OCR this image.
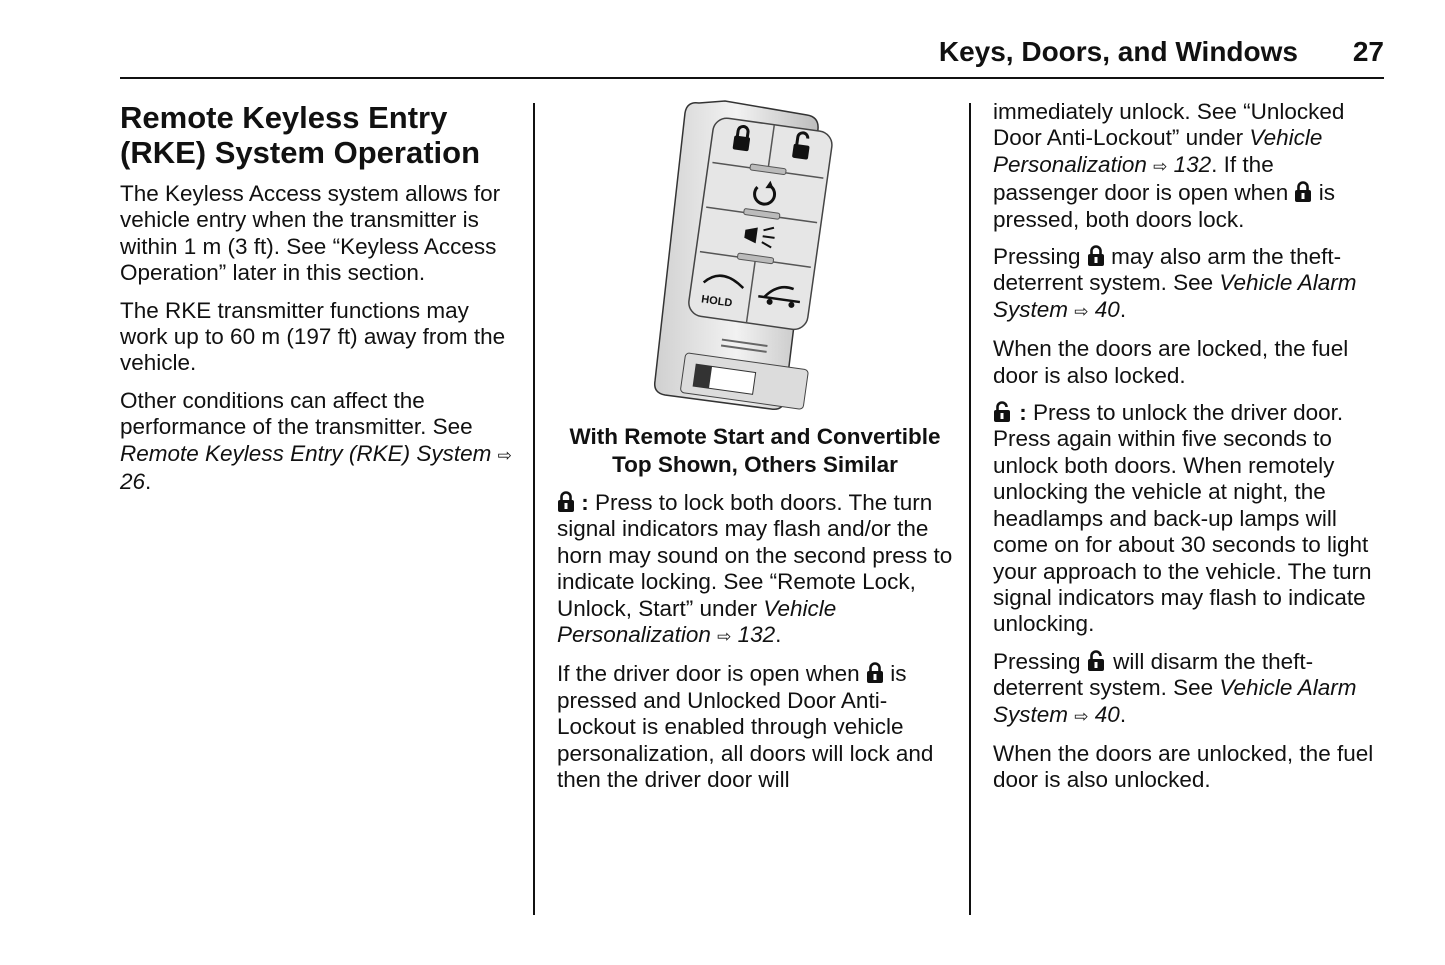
Keys, Doors, and Windows 27
Remote Keyless Entry (RKE) System Operation

The Keyless Access system allows for vehicle entry when the transmitter is within 1 m (3 ft). See “Keyless Access Operation” later in this section.

The RKE transmitter functions may work up to 60 m (197 ft) away from the vehicle.

Other conditions can affect the performance of the transmitter. See Remote Keyless Entry (RKE) System ⇨ 26.

HOLD

With Remote Start and Convertible Top Shown, Others Similar

: Press to lock both doors. The turn signal indicators may flash and/or the horn may sound on the second press to indicate locking. See “Remote Lock, Unlock, Start” under Vehicle Personalization ⇨ 132.

If the driver door is open when is pressed and Unlocked Door Anti-Lockout is enabled through vehicle personalization, all doors will lock and then the driver door will

immediately unlock. See “Unlocked Door Anti-Lockout” under Vehicle Personalization ⇨ 132. If the passenger door is open when is pressed, both doors lock.

Pressing may also arm the theft-deterrent system. See Vehicle Alarm System ⇨ 40.

When the doors are locked, the fuel door is also locked.

: Press to unlock the driver door. Press again within five seconds to unlock both doors. When remotely unlocking the vehicle at night, the headlamps and back-up lamps will come on for about 30 seconds to light your approach to the vehicle. The turn signal indicators may flash to indicate unlocking.

Pressing will disarm the theft-deterrent system. See Vehicle Alarm System ⇨ 40.

When the doors are unlocked, the fuel door is also unlocked.
